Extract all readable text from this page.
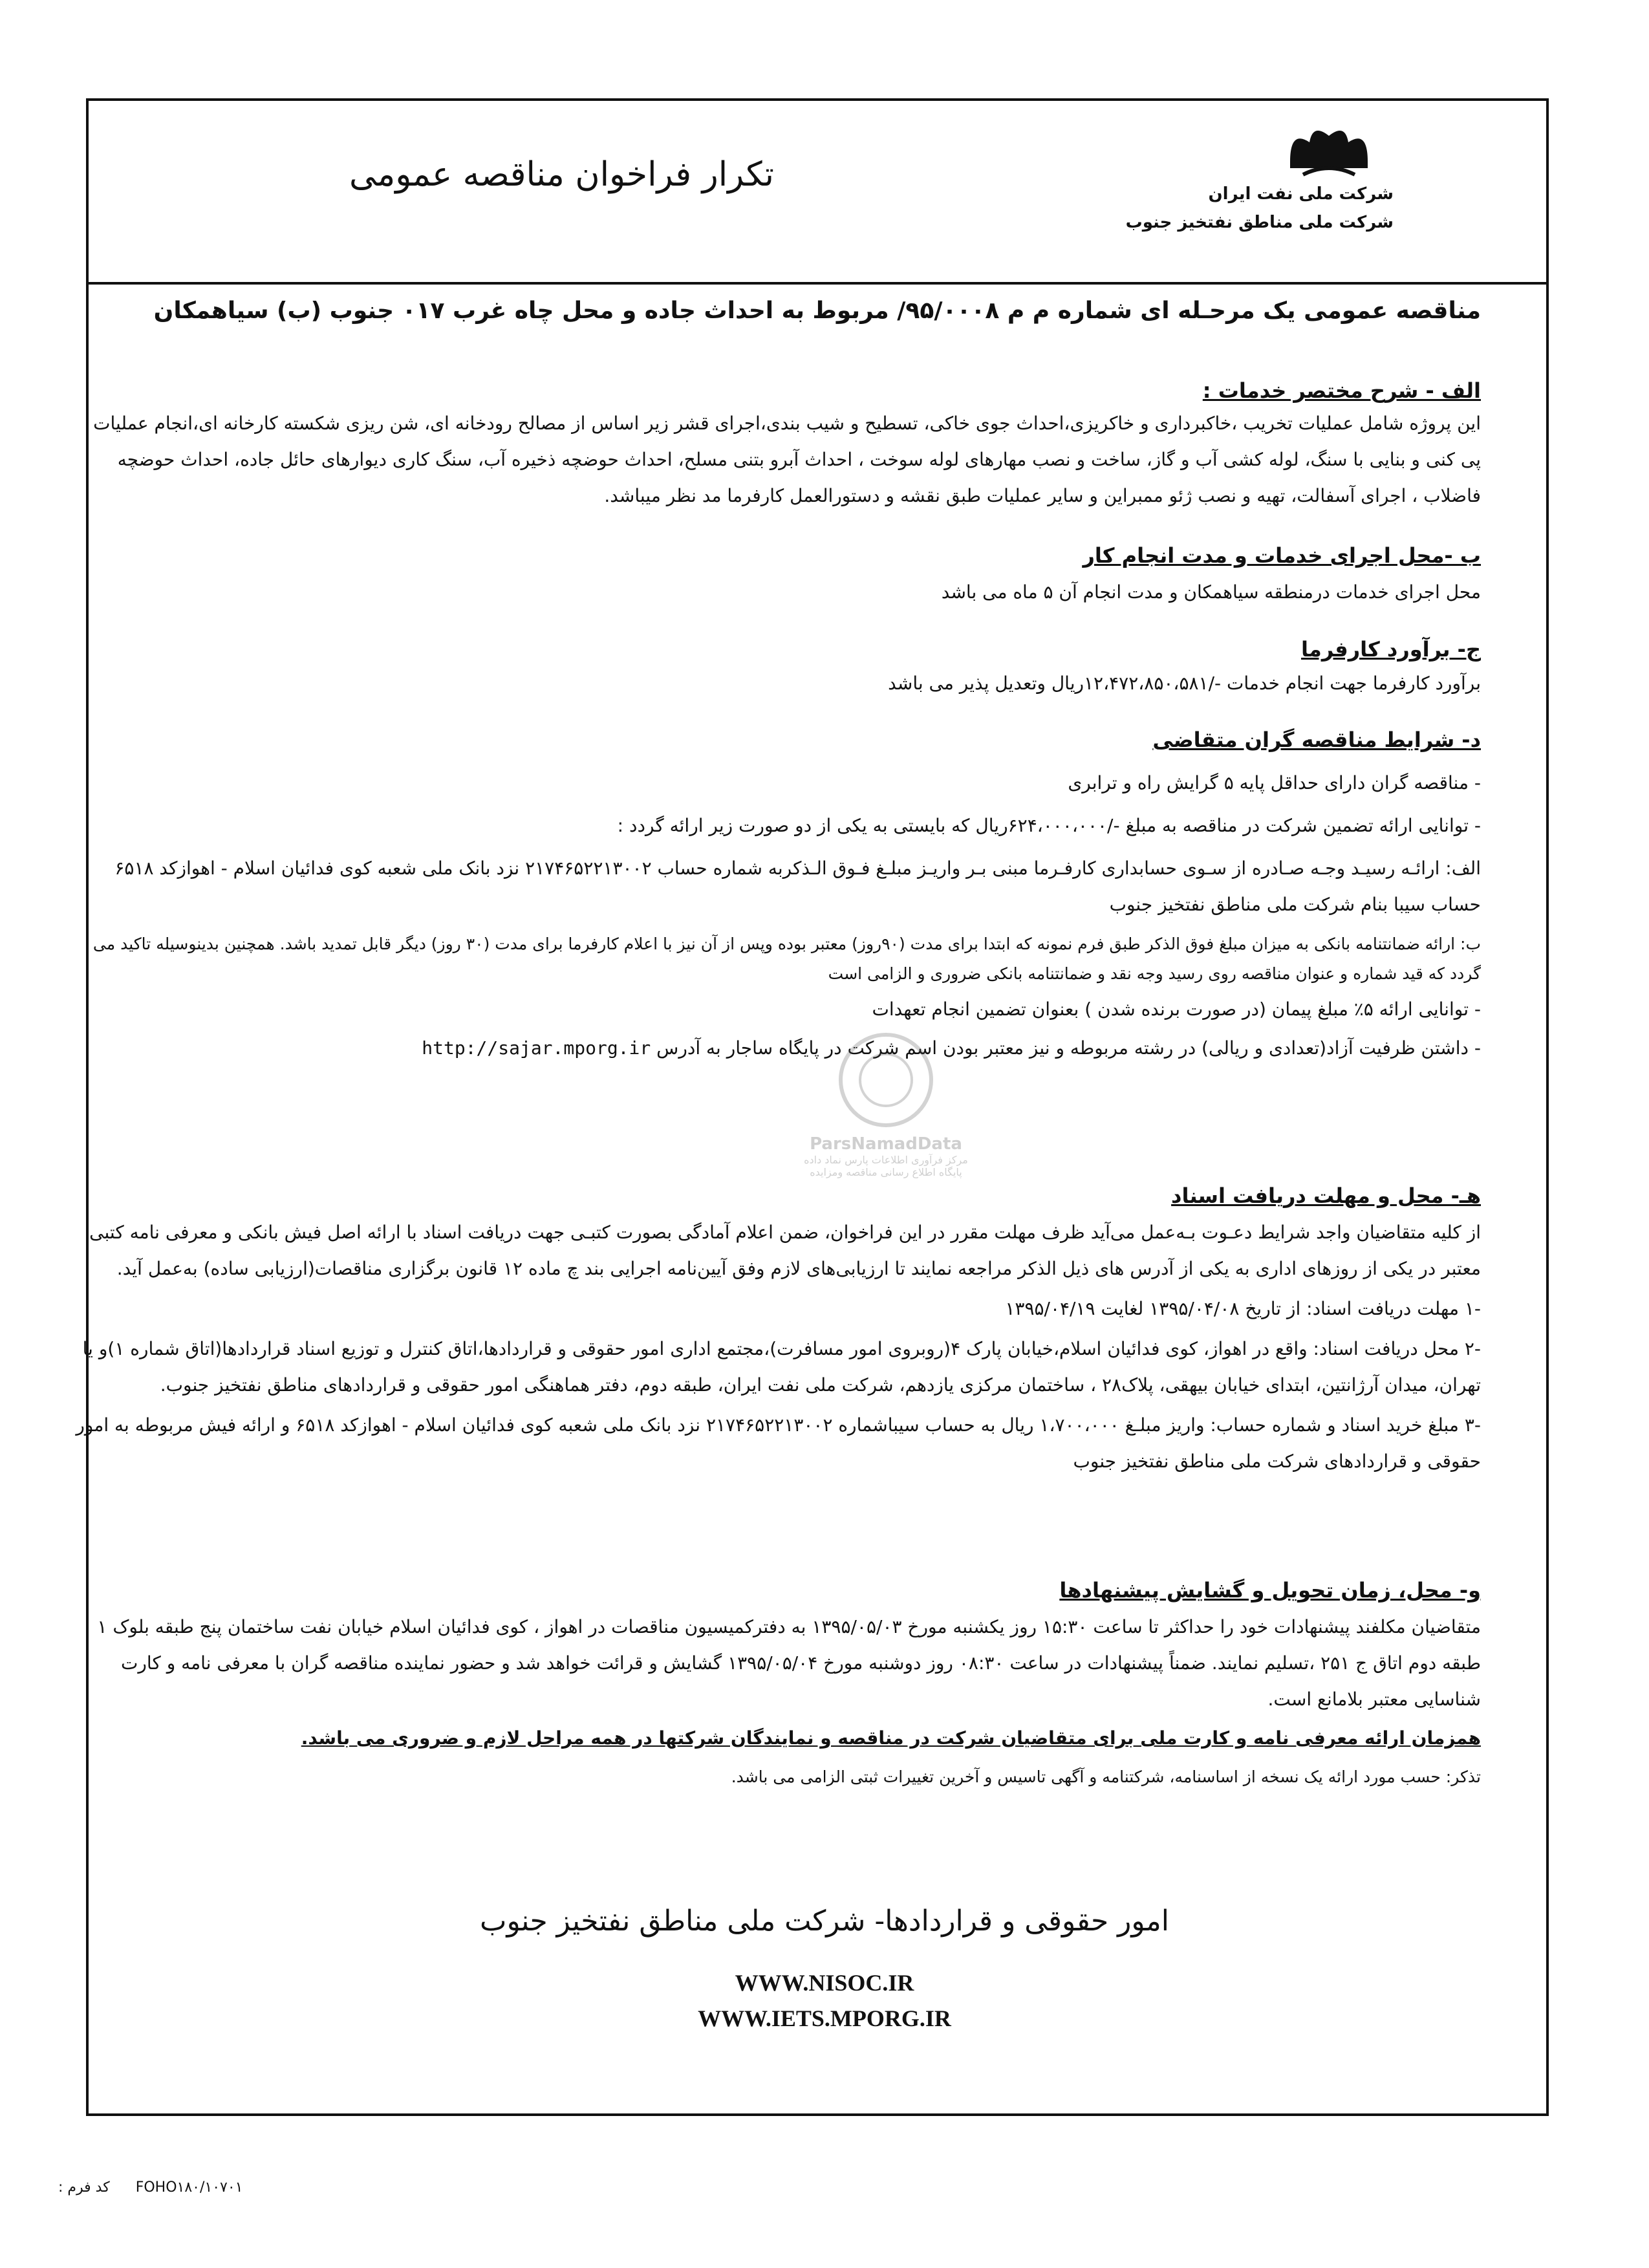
تکرار فراخوان مناقصه عمومی	شرکت ملی نفت ایران
شرکت ملی مناطق نفتخیز جنوب
مناقصه عمومی یک مرحـله ای شماره م م ۹۵/۰۰۰۸/ مربوط به احداث جاده و محل چاه غرب ۰۱۷ جنوب (ب) سیاهمکان
الف - شرح مختصر خدمات :
این پروژه شامل عملیات تخریب ،خاکبرداری و خاکریزی،احداث جوی خاکی، تسطیح و شیب بندی،اجرای قشر زیر اساس از مصالح رودخانه ای، شن ریزی شکسته کارخانه ای،انجام عملیات پی کنی و بنایی با سنگ، لوله کشی آب و گاز، ساخت و نصب مهارهای لوله سوخت ، احداث آبرو بتنی مسلح، احداث حوضچه ذخیره آب، سنگ کاری دیوارهای حائل جاده، احداث حوضچه فاضلاب ، اجرای آسفالت، تهیه و نصب ژئو ممبراین و سایر عملیات طبق نقشه و دستورالعمل کارفرما مد نظر میباشد.
ب -محل اجرای خدمات و مدت انجام کار
محل اجرای خدمات درمنطقه سیاهمکان و مدت انجام آن ۵ ماه می باشد
ج- برآورد کارفرما
برآورد کارفرما جهت انجام خدمات -/۱۲،۴۷۲،۸۵۰،۵۸۱ریال وتعدیل پذیر می باشد
د- شرایط مناقصه گران متقاضی
- مناقصه گران دارای حداقل پایه ۵ گرایش راه و ترابری
- توانایی ارائه تضمین شرکت در مناقصه به مبلغ -/۶۲۴،۰۰۰،۰۰۰ریال که بایستی به یکی از دو صورت زیر ارائه گردد :
الف: ارائـه رسیـد وجـه صـادره از سـوی حسابداری کارفـرما مبنی بـر واریـز مبلـغ فـوق الـذکربه شماره حساب ۲۱۷۴۶۵۲۲۱۳۰۰۲ نزد بانک ملی شعبه کوی فدائیان اسلام - اهوازکد ۶۵۱۸ حساب سیبا بنام شرکت ملی مناطق نفتخیز جنوب
ب: ارائه ضمانتنامه بانکی به میزان مبلغ فوق الذکر طبق فرم نمونه که ابتدا برای مدت (۹۰روز) معتبر بوده وپس از آن نیز با اعلام کارفرما برای مدت (۳۰ روز) دیگر قابل تمدید باشد. همچنین بدینوسیله تاکید می گردد که قید شماره و عنوان مناقصه روی رسید وجه نقد و ضمانتنامه بانکی ضروری و الزامی است
- توانایی ارائه ۵٪ مبلغ پیمان (در صورت برنده شدن ) بعنوان تضمین انجام تعهدات
- داشتن ظرفیت آزاد(تعدادی و ریالی) در رشته مربوطه و نیز معتبر بودن اسم شرکت در پایگاه ساجار به آدرس http://sajar.mporg.ir
ParsNamadData
مرکز فرآوری اطلاعات پارس نماد داده
پایگاه اطلاع رسانی مناقصه ومزایده
هـ- محل و مهلت دریافت اسناد
از کلیه متقاضیان واجد شرایط دعـوت بـه‌عمل می‌آید ظرف مهلت مقرر در این فراخوان، ضمن اعلام آمادگی بصورت کتبـی جهت دریافت اسناد با ارائه اصل فیش بانکی و معرفی نامه کتبی معتبر در یکی از روزهای اداری به یکی از آدرس های ذیل الذکر مراجعه نمایند تا ارزیابی‌های لازم وفق آیین‌نامه اجرایی بند چ ماده ۱۲ قانون برگزاری مناقصات(ارزیابی ساده) به‌عمل آید.
-۱ مهلت دریافت اسناد: از تاریخ ۱۳۹۵/۰۴/۰۸ لغایت ۱۳۹۵/۰۴/۱۹
-۲ محل دریافت اسناد: واقع در اهواز، کوی فدائیان اسلام،خیابان پارک ۴(روبروی امور مسافرت)،مجتمع اداری امور حقوقی و قراردادها،اتاق کنترل و توزیع اسناد قراردادها(اتاق شماره ۱)و یا تهران، میدان آرژانتین، ابتدای خیابان بیهقی، پلاک۲۸ ، ساختمان مرکزی یازدهم، شرکت ملی نفت ایران، طبقه دوم، دفتر هماهنگی امور حقوقی و قراردادهای مناطق نفتخیز جنوب.
-۳ مبلغ خرید اسناد و شماره حساب: واریز مبلـغ ۱،۷۰۰،۰۰۰ ریال به حساب سیباشماره ۲۱۷۴۶۵۲۲۱۳۰۰۲ نزد بانک ملی شعبه کوی فدائیان اسلام - اهوازکد ۶۵۱۸ و ارائه فیش مربوطه به امور حقوقی و قراردادهای شرکت ملی مناطق نفتخیز جنوب
و- محل، زمان تحویل و گشایش پیشنهادها
متقاضیان مکلفند پیشنهادات خود را حداکثر تا ساعت ۱۵:۳۰ روز یکشنبه مورخ ۱۳۹۵/۰۵/۰۳ به دفترکمیسیون مناقصات در اهواز ، کوی فدائیان اسلام خیابان نفت ساختمان پنج طبقه بلوک ۱ طبقه دوم اتاق ج ۲۵۱ ،تسلیم نمایند. ضمناً پیشنهادات در ساعت ۰۸:۳۰ روز دوشنبه مورخ ۱۳۹۵/۰۵/۰۴ گشایش و قرائت خواهد شد و حضور نماینده مناقصه گران با معرفی نامه و کارت شناسایی معتبر بلامانع است.
همزمان ارائه معرفی نامه و کارت ملی برای متقاضیان شرکت در مناقصه و نمایندگان شرکتها در همه مراحل لازم و ضروری می باشد.
تذکر: حسب مورد ارائه یک نسخه از اساسنامه، شرکتنامه و آگهی تاسیس و آخرین تغییرات ثبتی الزامی می باشد.
امور حقوقی و قراردادها- شرکت ملی مناطق نفتخیز جنوب
WWW.NISOC.IR
WWW.IETS.MPORG.IR
FOHO۱۸۰/۱۰۷۰۱
کد فرم :
